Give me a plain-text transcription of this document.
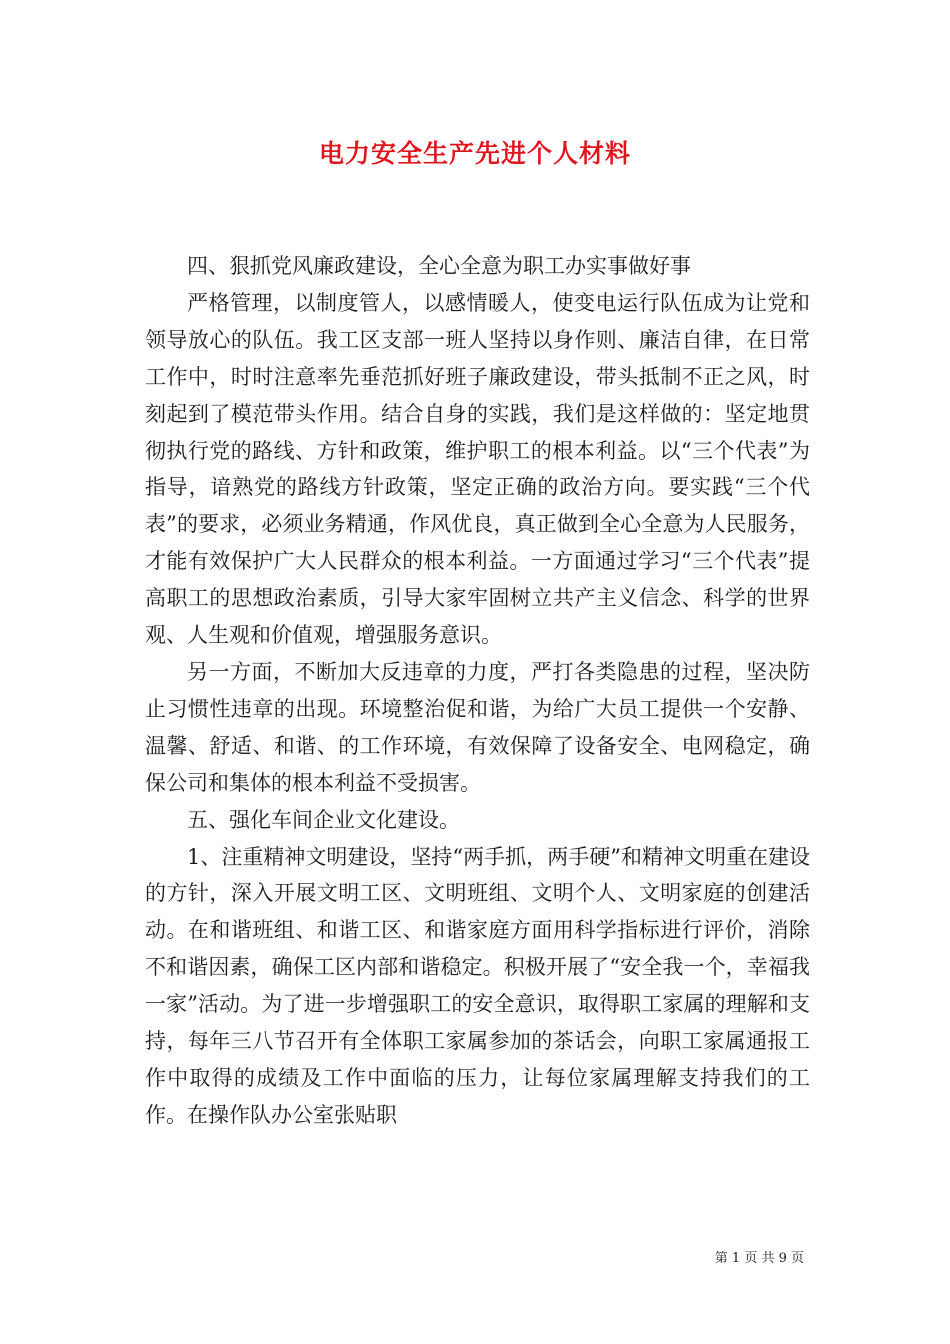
电力安全生产先进个人材料

四、狠抓党风廉政建设，全心全意为职工办实事做好事

严格管理，以制度管人，以感情暖人，使变电运行队伍成为让党和领导放心的队伍。我工区支部一班人坚持以身作则、廉洁自律，在日常工作中，时时注意率先垂范抓好班子廉政建设，带头抵制不正之风，时刻起到了模范带头作用。结合自身的实践，我们是这样做的：坚定地贯彻执行党的路线、方针和政策，维护职工的根本利益。以“三个代表”为指导，谙熟党的路线方针政策，坚定正确的政治方向。要实践“三个代表”的要求，必须业务精通，作风优良，真正做到全心全意为人民服务，才能有效保护广大人民群众的根本利益。一方面通过学习“三个代表”提高职工的思想政治素质，引导大家牢固树立共产主义信念、科学的世界观、人生观和价值观，增强服务意识。

另一方面，不断加大反违章的力度，严打各类隐患的过程，坚决防止习惯性违章的出现。环境整治促和谐，为给广大员工提供一个安静、温馨、舒适、和谐、的工作环境，有效保障了设备安全、电网稳定，确保公司和集体的根本利益不受损害。

五、强化车间企业文化建设。

1、注重精神文明建设，坚持“两手抓，两手硬”和精神文明重在建设的方针，深入开展文明工区、文明班组、文明个人、文明家庭的创建活动。在和谐班组、和谐工区、和谐家庭方面用科学指标进行评价，消除不和谐因素，确保工区内部和谐稳定。积极开展了“安全我一个，幸福我一家”活动。为了进一步增强职工的安全意识，取得职工家属的理解和支持，每年三八节召开有全体职工家属参加的茶话会，向职工家属通报工作中取得的成绩及工作中面临的压力，让每位家属理解支持我们的工作。在操作队办公室张贴职

第 1 页 共 9 页
